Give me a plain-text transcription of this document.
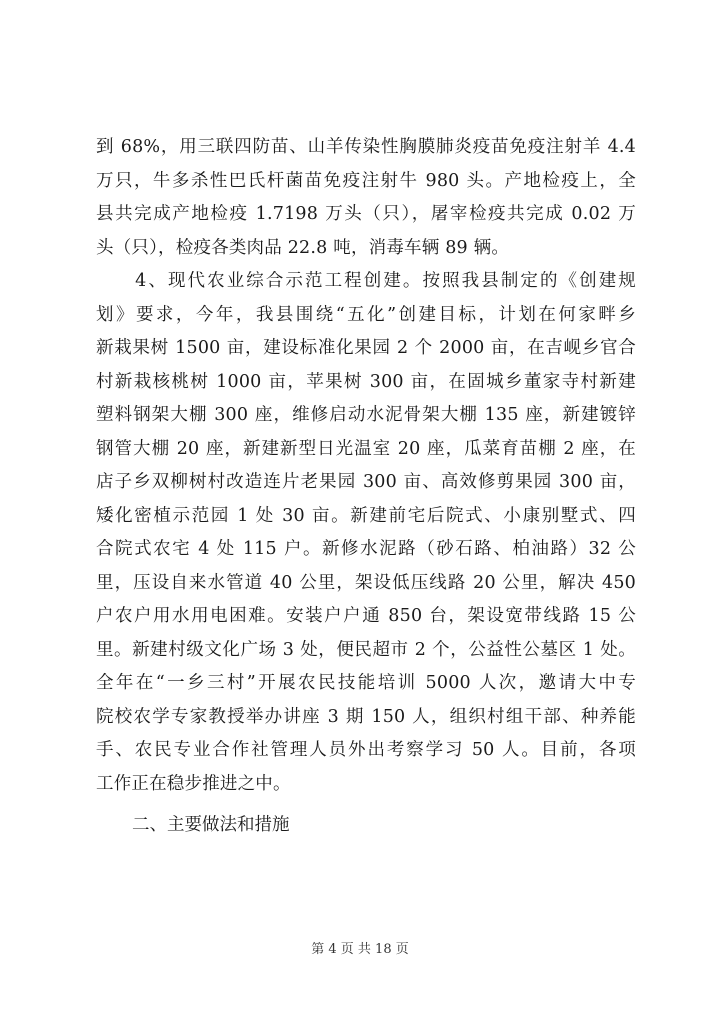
到 68%，用三联四防苗、山羊传染性胸膜肺炎疫苗免疫注射羊 4.4
万只，牛多杀性巴氏杆菌苗免疫注射牛 980 头。产地检疫上，全
县共完成产地检疫 1.7198 万头（只），屠宰检疫共完成 0.02 万
头（只），检疫各类肉品 22.8 吨，消毒车辆 89 辆。
　　4、现代农业综合示范工程创建。按照我县制定的《创建规
划》要求，今年，我县围绕“五化”创建目标，计划在何家畔乡
新栽果树 1500 亩，建设标准化果园 2 个 2000 亩，在吉岘乡官合
村新栽核桃树 1000 亩，苹果树 300 亩，在固城乡董家寺村新建
塑料钢架大棚 300 座，维修启动水泥骨架大棚 135 座，新建镀锌
钢管大棚 20 座，新建新型日光温室 20 座，瓜菜育苗棚 2 座，在
店子乡双柳树村改造连片老果园 300 亩、高效修剪果园 300 亩，
矮化密植示范园 1 处 30 亩。新建前宅后院式、小康别墅式、四
合院式农宅 4 处 115 户。新修水泥路（砂石路、柏油路）32 公
里，压设自来水管道 40 公里，架设低压线路 20 公里，解决 450
户农户用水用电困难。安装户户通 850 台，架设宽带线路 15 公
里。新建村级文化广场 3 处，便民超市 2 个，公益性公墓区 1 处。
全年在“一乡三村”开展农民技能培训 5000 人次，邀请大中专
院校农学专家教授举办讲座 3 期 150 人，组织村组干部、种养能
手、农民专业合作社管理人员外出考察学习 50 人。目前，各项
工作正在稳步推进之中。
二、主要做法和措施
第 4 页 共 18 页
